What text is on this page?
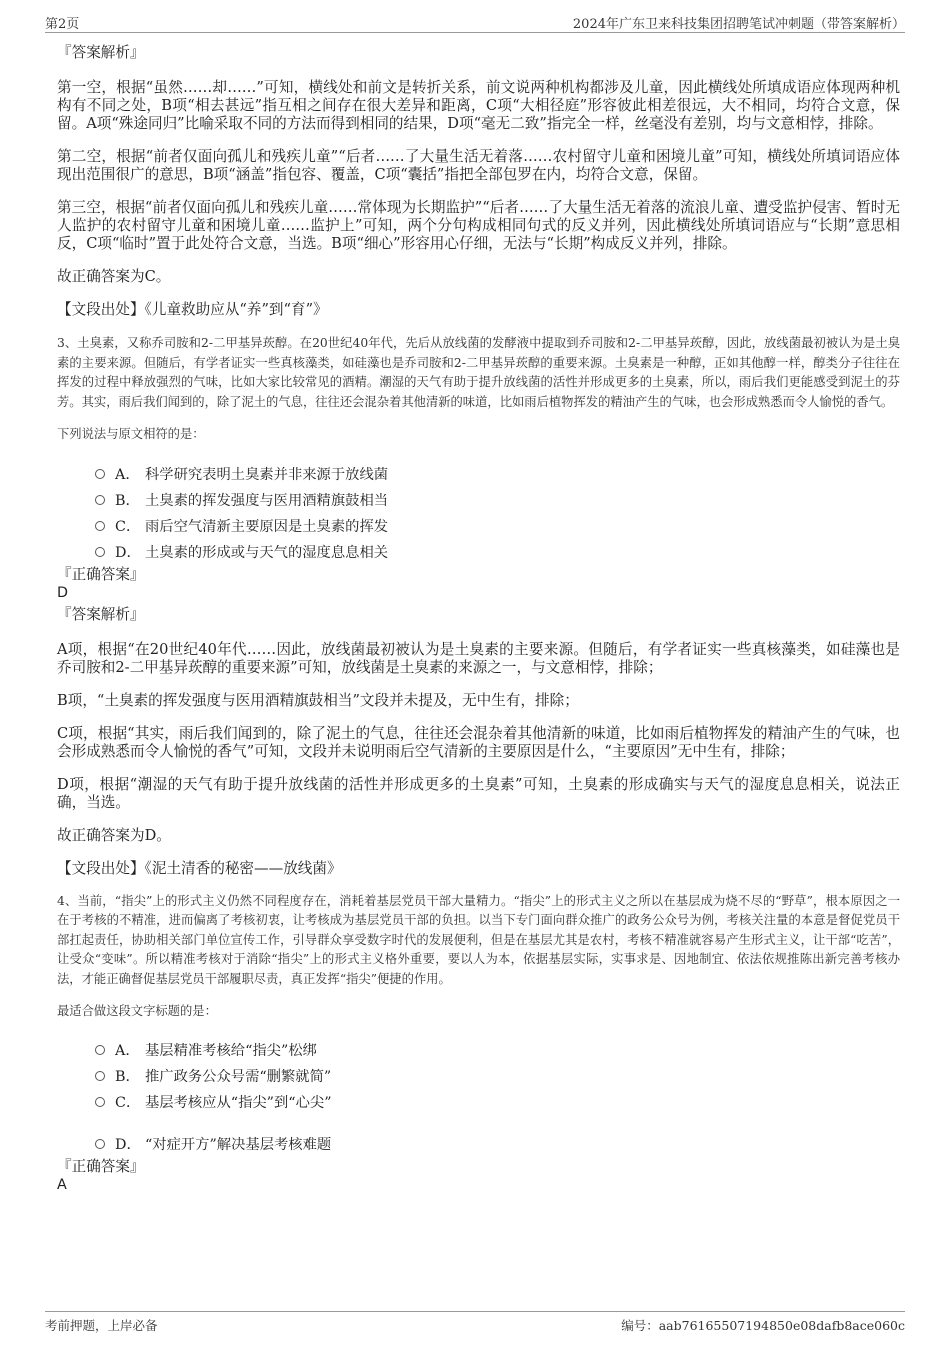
第2页	2024年广东卫来科技集团招聘笔试冲刺题（带答案解析）
『答案解析』
第一空，根据“虽然……却……”可知，横线处和前文是转折关系，前文说两种机构都涉及儿童，因此横线处所填成语应体现两种机构有不同之处，B项“相去甚远”指互相之间存在很大差异和距离，C项“大相径庭”形容彼此相差很远，大不相同，均符合文意，保留。A项“殊途同归”比喻采取不同的方法而得到相同的结果，D项“毫无二致”指完全一样，丝毫没有差别，均与文意相悖，排除。
第二空，根据“前者仅面向孤儿和残疾儿童”“后者……了大量生活无着落……农村留守儿童和困境儿童”可知，横线处所填词语应体现出范围很广的意思，B项“涵盖”指包容、覆盖，C项“囊括”指把全部包罗在内，均符合文意，保留。
第三空，根据“前者仅面向孤儿和残疾儿童……常体现为长期监护”“后者……了大量生活无着落的流浪儿童、遭受监护侵害、暂时无人监护的农村留守儿童和困境儿童……监护上”可知，两个分句构成相同句式的反义并列，因此横线处所填词语应与“长期”意思相反，C项“临时”置于此处符合文意，当选。B项“细心”形容用心仔细，无法与“长期”构成反义并列，排除。
故正确答案为C。
【文段出处】《儿童救助应从“养”到“育”》
3、土臭素，又称乔司胺和2-二甲基异莰醇。在20世纪40年代，先后从放线菌的发酵液中提取到乔司胺和2-二甲基异莰醇，因此，放线菌最初被认为是土臭素的主要来源。但随后，有学者证实一些真核藻类，如硅藻也是乔司胺和2-二甲基异莰醇的重要来源。土臭素是一种醇，正如其他醇一样，醇类分子往往在挥发的过程中释放强烈的气味，比如大家比较常见的酒精。潮湿的天气有助于提升放线菌的活性并形成更多的土臭素，所以，雨后我们更能感受到泥土的芬芳。其实，雨后我们闻到的，除了泥土的气息，往往还会混杂着其他清新的味道，比如雨后植物挥发的精油产生的气味，也会形成熟悉而令人愉悦的香气。
下列说法与原文相符的是：
A． 科学研究表明土臭素并非来源于放线菌
B． 土臭素的挥发强度与医用酒精旗鼓相当
C． 雨后空气清新主要原因是土臭素的挥发
D． 土臭素的形成或与天气的湿度息息相关
『正确答案』
D
『答案解析』
A项，根据“在20世纪40年代……因此，放线菌最初被认为是土臭素的主要来源。但随后，有学者证实一些真核藻类，如硅藻也是乔司胺和2-二甲基异莰醇的重要来源”可知，放线菌是土臭素的来源之一，与文意相悖，排除；
B项，“土臭素的挥发强度与医用酒精旗鼓相当”文段并未提及，无中生有，排除；
C项，根据“其实，雨后我们闻到的，除了泥土的气息，往往还会混杂着其他清新的味道，比如雨后植物挥发的精油产生的气味，也会形成熟悉而令人愉悦的香气”可知，文段并未说明雨后空气清新的主要原因是什么，“主要原因”无中生有，排除；
D项，根据“潮湿的天气有助于提升放线菌的活性并形成更多的土臭素”可知，土臭素的形成确实与天气的湿度息息相关，说法正确，当选。
故正确答案为D。
【文段出处】《泥土清香的秘密——放线菌》
4、当前，“指尖”上的形式主义仍然不同程度存在，消耗着基层党员干部大量精力。“指尖”上的形式主义之所以在基层成为烧不尽的“野草”，根本原因之一在于考核的不精准，进而偏离了考核初衷，让考核成为基层党员干部的负担。以当下专门面向群众推广的政务公众号为例，考核关注量的本意是督促党员干部扛起责任，协助相关部门单位宣传工作，引导群众享受数字时代的发展便利，但是在基层尤其是农村，考核不精准就容易产生形式主义，让干部“吃苦”，让受众“变味”。所以精准考核对于消除“指尖”上的形式主义格外重要，要以人为本，依据基层实际，实事求是、因地制宜、依法依规推陈出新完善考核办法，才能正确督促基层党员干部履职尽责，真正发挥“指尖”便捷的作用。
最适合做这段文字标题的是：
A． 基层精准考核给“指尖”松绑
B． 推广政务公众号需“删繁就简”
C． 基层考核应从“指尖”到“心尖”
D． “对症开方”解决基层考核难题
『正确答案』
A
考前押题，上岸必备	编号：aab76165507194850e08dafb8ace060c
